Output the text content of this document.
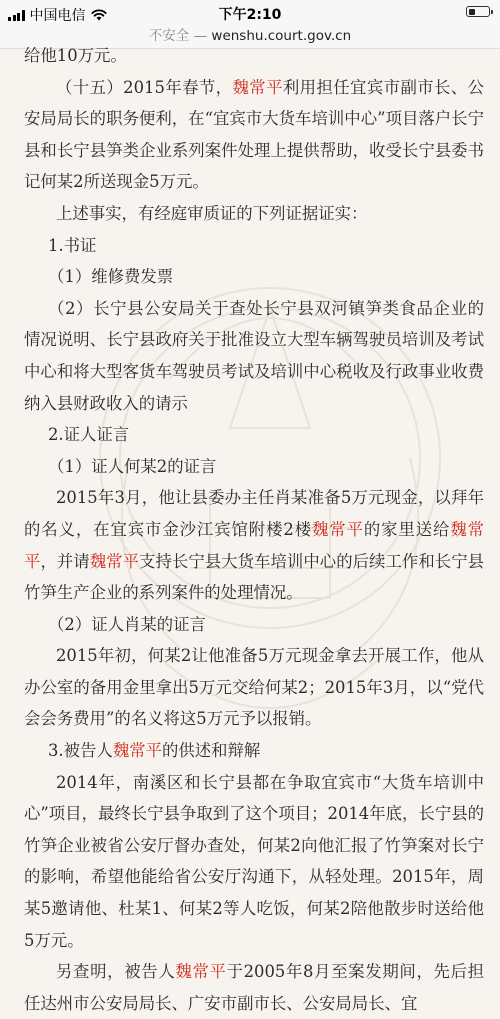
中国电信	下午2:10
不安全 — wenshu.court.gov.cn

给他10万元。

（十五）2015年春节，魏常平利用担任宜宾市副市长、公安局局长的职务便利，在“宜宾市大货车培训中心”项目落户长宁县和长宁县笋类企业系列案件处理上提供帮助，收受长宁县委书记何某2所送现金5万元。

上述事实，有经庭审质证的下列证据证实：

1.书证

（1）维修费发票

（2）长宁县公安局关于查处长宁县双河镇笋类食品企业的情况说明、长宁县政府关于批准设立大型车辆驾驶员培训及考试中心和将大型客货车驾驶员考试及培训中心税收及行政事业收费纳入县财政收入的请示

2.证人证言

（1）证人何某2的证言

2015年3月，他让县委办主任肖某准备5万元现金，以拜年的名义，在宜宾市金沙江宾馆附楼2楼魏常平的家里送给魏常平，并请魏常平支持长宁县大货车培训中心的后续工作和长宁县竹笋生产企业的系列案件的处理情况。

（2）证人肖某的证言

2015年初，何某2让他准备5万元现金拿去开展工作，他从办公室的备用金里拿出5万元交给何某2；2015年3月，以“党代会会务费用”的名义将这5万元予以报销。

3.被告人魏常平的供述和辩解

2014年，南溪区和长宁县都在争取宜宾市“大货车培训中心”项目，最终长宁县争取到了这个项目；2014年底，长宁县的竹笋企业被省公安厅督办查处，何某2向他汇报了竹笋案对长宁的影响，希望他能给省公安厅沟通下，从轻处理。2015年，周某5邀请他、杜某1、何某2等人吃饭，何某2陪他散步时送给他5万元。

另查明，被告人魏常平于2005年8月至案发期间，先后担任达州市公安局局长、广安市副市长、公安局局长、宜
